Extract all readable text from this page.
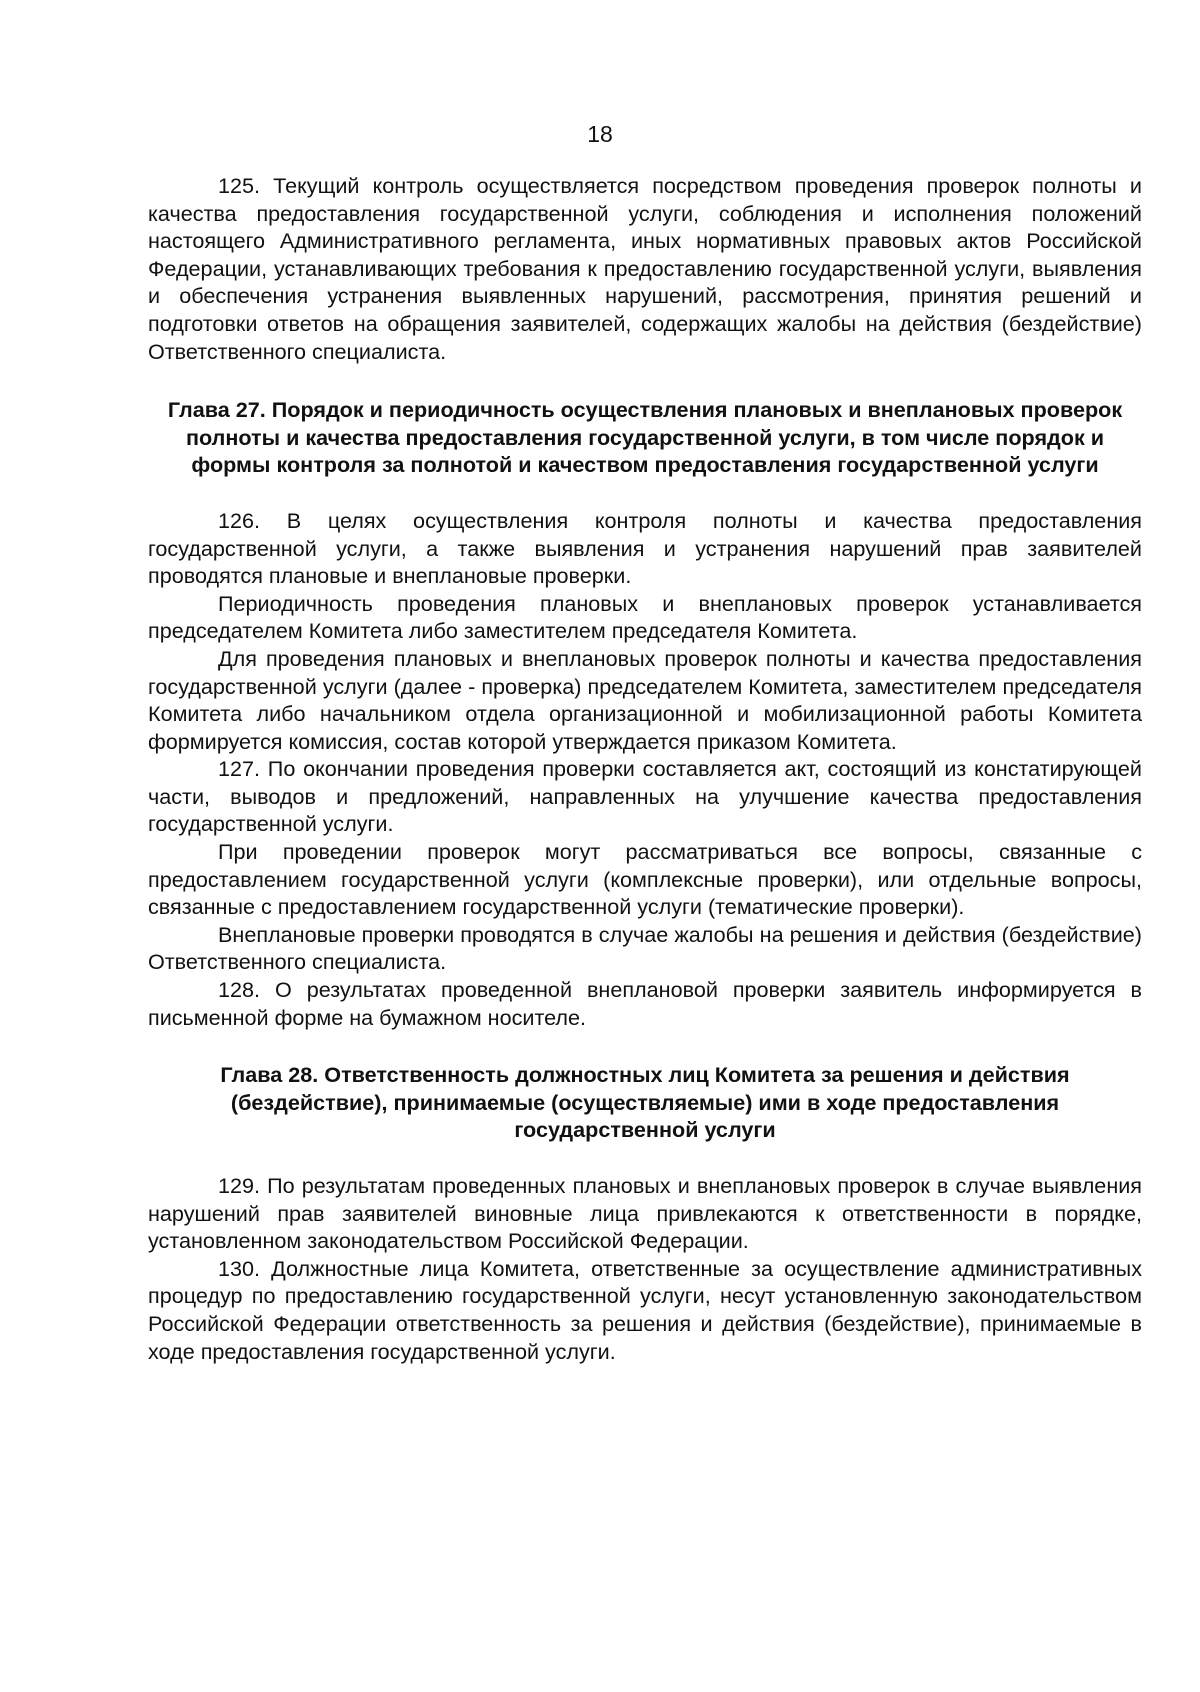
18

125. Текущий контроль осуществляется посредством проведения проверок полноты и качества предоставления государственной услуги, соблюдения и исполнения положений настоящего Административного регламента, иных нормативных правовых актов Российской Федерации, устанавливающих требования к предоставлению государственной услуги, выявления и обеспечения устранения выявленных нарушений, рассмотрения, принятия решений и подготовки ответов на обращения заявителей, содержащих жалобы на действия (бездействие) Ответственного специалиста.

Глава 27. Порядок и периодичность осуществления плановых и внеплановых проверок полноты и качества предоставления государственной услуги, в том числе порядок и формы контроля за полнотой и качеством предоставления государственной услуги

126. В целях осуществления контроля полноты и качества предоставления государственной услуги, а также выявления и устранения нарушений прав заявителей проводятся плановые и внеплановые проверки.

Периодичность проведения плановых и внеплановых проверок устанавливается председателем Комитета либо заместителем председателя Комитета.

Для проведения плановых и внеплановых проверок полноты и качества предоставления государственной услуги (далее - проверка) председателем Комитета, заместителем председателя Комитета либо начальником отдела организационной и мобилизационной работы Комитета формируется комиссия, состав которой утверждается приказом Комитета.

127. По окончании проведения проверки составляется акт, состоящий из констатирующей части, выводов и предложений, направленных на улучшение качества предоставления государственной услуги.

При проведении проверок могут рассматриваться все вопросы, связанные с предоставлением государственной услуги (комплексные проверки), или отдельные вопросы, связанные с предоставлением государственной услуги (тематические проверки).

Внеплановые проверки проводятся в случае жалобы на решения и действия (бездействие) Ответственного специалиста.

128. О результатах проведенной внеплановой проверки заявитель информируется в письменной форме на бумажном носителе.

Глава 28. Ответственность должностных лиц Комитета за решения и действия (бездействие), принимаемые (осуществляемые) ими в ходе предоставления государственной услуги

129. По результатам проведенных плановых и внеплановых проверок в случае выявления нарушений прав заявителей виновные лица привлекаются к ответственности в порядке, установленном законодательством Российской Федерации.

130. Должностные лица Комитета, ответственные за осуществление административных процедур по предоставлению государственной услуги, несут установленную законодательством Российской Федерации ответственность за решения и действия (бездействие), принимаемые в ходе предоставления государственной услуги.
